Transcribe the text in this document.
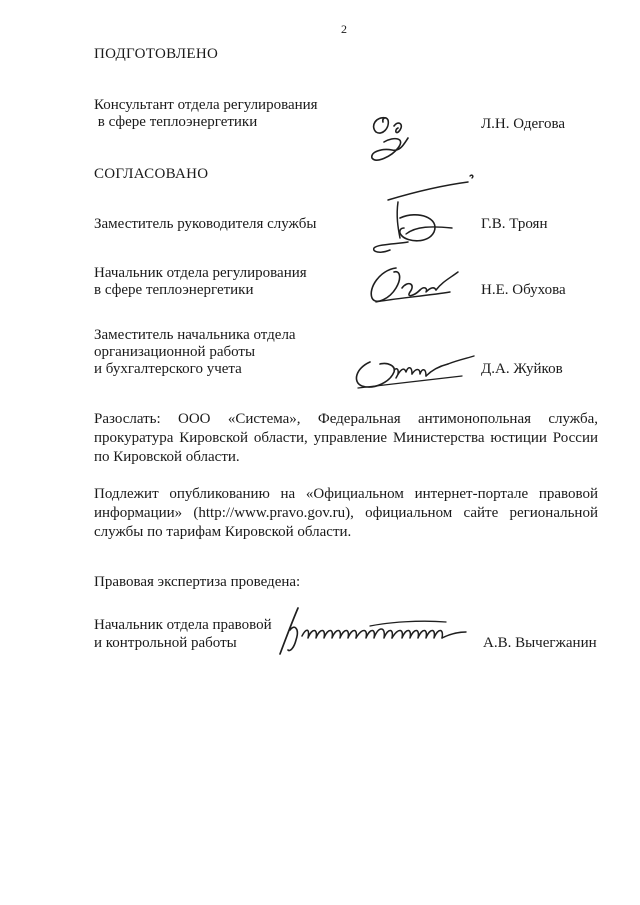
2
ПОДГОТОВЛЕНО
Консультант отдела регулирования
в сфере теплоэнергетики	Л.Н. Одегова
СОГЛАСОВАНО
Заместитель руководителя службы	Г.В. Троян
Начальник отдела регулирования
в сфере теплоэнергетики	Н.Е. Обухова
Заместитель начальника отдела
организационной работы
и бухгалтерского учета	Д.А. Жуйков
Разослать: ООО «Система», Федеральная антимонопольная служба, прокуратура Кировской области, управление Министерства юстиции России по Кировской области.
Подлежит опубликованию на «Официальном интернет-портале правовой информации» (http://www.pravo.gov.ru), официальном сайте региональной службы по тарифам Кировской области.
Правовая экспертиза проведена:
Начальник отдела правовой
и контрольной работы	А.В. Вычегжанин
